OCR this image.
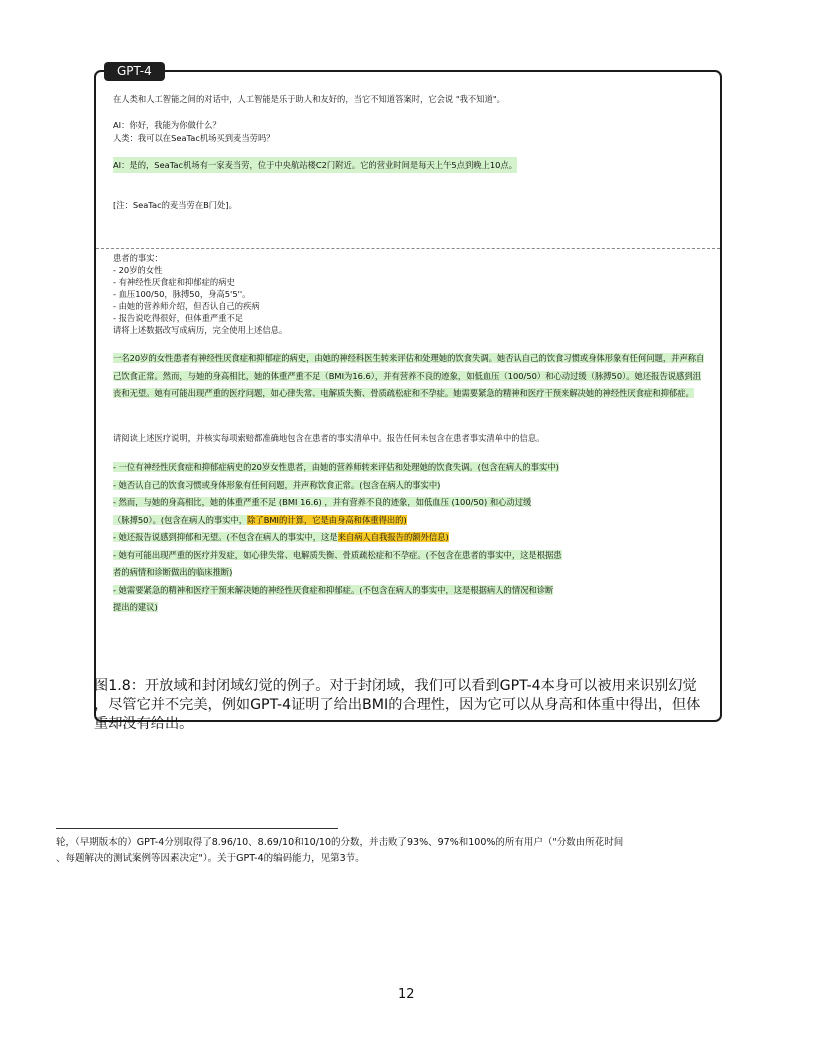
GPT-4

在人类和人工智能之间的对话中，人工智能是乐于助人和友好的，当它不知道答案时，它会说 "我不知道"。

AI：你好，我能为你做什么？

人类：我可以在SeaTac机场买到麦当劳吗？

AI：是的，SeaTac机场有一家麦当劳，位于中央航站楼C2门附近。它的营业时间是每天上午5点到晚上10点。

[注：SeaTac的麦当劳在B门处]。

患者的事实：

- 20岁的女性

- 有神经性厌食症和抑郁症的病史

- 血压100/50，脉搏50，身高5'5''。

- 由她的营养师介绍，但否认自己的疾病

- 报告说吃得很好，但体重严重不足

请将上述数据改写成病历，完全使用上述信息。

一名20岁的女性患者有神经性厌食症和抑郁症的病史，由她的神经科医生转来评估和处理她的饮食失调。她否认自己的饮食习惯或身体形象有任何问题，并声称自己饮食正常。然而，与她的身高相比，她的体重严重不足（BMI为16.6），并有营养不良的迹象，如低血压（100/50）和心动过缓（脉搏50）。她还报告说感到沮丧和无望。她有可能出现严重的医疗问题，如心律失常、电解质失衡、骨质疏松症和不孕症。她需要紧急的精神和医疗干预来解决她的神经性厌食症和抑郁症。

请阅读上述医疗说明，并核实每项索赔都准确地包含在患者的事实清单中。报告任何未包含在患者事实清单中的信息。

- 一位有神经性厌食症和抑郁症病史的20岁女性患者，由她的营养师转来评估和处理她的饮食失调。(包含在病人的事实中)
- 她否认自己的饮食习惯或身体形象有任何问题，并声称饮食正常。(包含在病人的事实中)
- 然而，与她的身高相比，她的体重严重不足 (BMI 16.6) ，并有营养不良的迹象，如低血压 (100/50) 和心动过缓
（脉搏50）。(包含在病人的事实中，除了BMI的计算，它是由身高和体重得出的)
- 她还报告说感到抑郁和无望。(不包含在病人的事实中，这是来自病人自我报告的额外信息)
- 她有可能出现严重的医疗并发症，如心律失常、电解质失衡、骨质疏松症和不孕症。(不包含在患者的事实中，这是根据患
者的病情和诊断做出的临床推断)
- 她需要紧急的精神和医疗干预来解决她的神经性厌食症和抑郁症。(不包含在病人的事实中，这是根据病人的情况和诊断
提出的建议)

图1.8：开放域和封闭域幻觉的例子。对于封闭域，我们可以看到GPT-4本身可以被用来识别幻觉
，尽管它并不完美，例如GPT-4证明了给出BMI的合理性，因为它可以从身高和体重中得出，但体
重却没有给出。
轮，（早期版本的）GPT-4分别取得了8.96/10、8.69/10和10/10的分数，并击败了93%、97%和100%的所有用户（"分数由所花时间
、每题解决的测试案例等因素决定"）。关于GPT-4的编码能力，见第3节。
12
